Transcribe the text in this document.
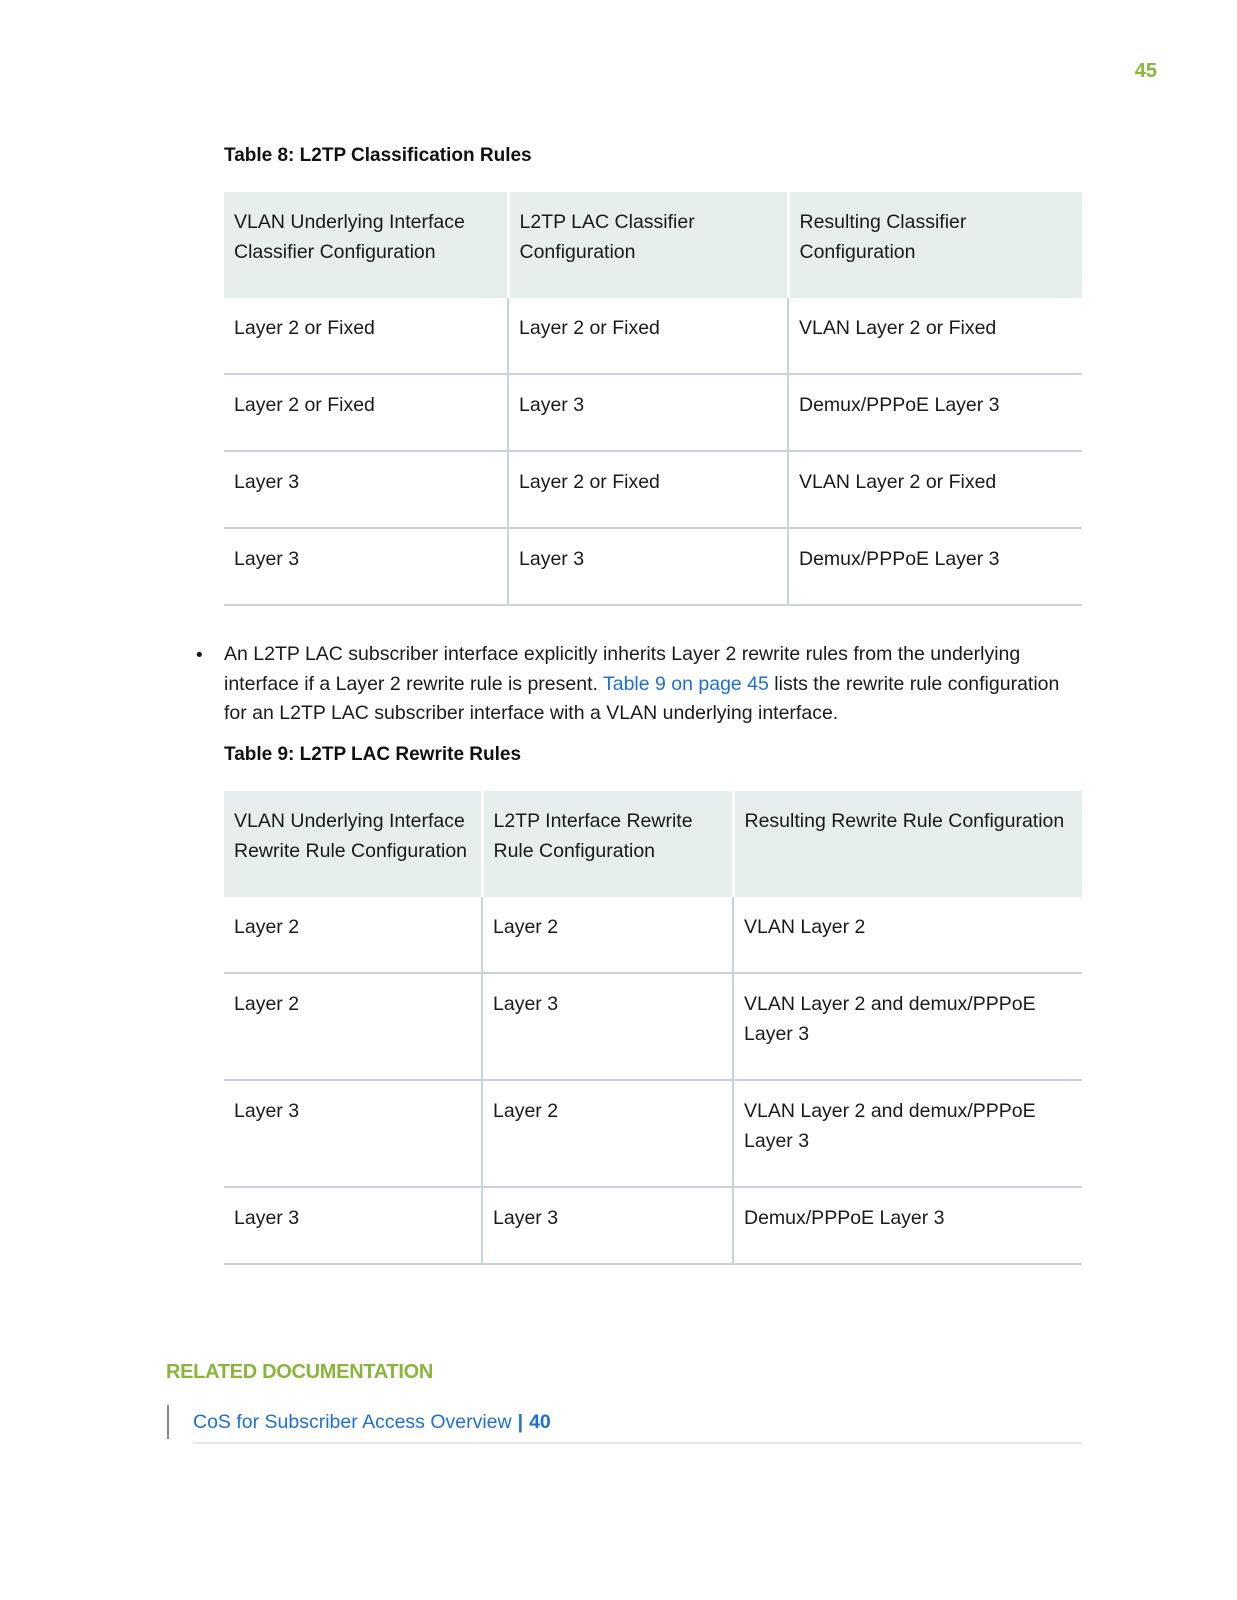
45
Table 8: L2TP Classification Rules
VLAN Underlying Interface Classifier Configuration	L2TP LAC Classifier Configuration	Resulting Classifier Configuration
Layer 2 or Fixed	Layer 2 or Fixed	VLAN Layer 2 or Fixed
Layer 2 or Fixed	Layer 3	Demux/PPPoE Layer 3
Layer 3	Layer 2 or Fixed	VLAN Layer 2 or Fixed
Layer 3	Layer 3	Demux/PPPoE Layer 3
• An L2TP LAC subscriber interface explicitly inherits Layer 2 rewrite rules from the underlying interface if a Layer 2 rewrite rule is present. Table 9 on page 45 lists the rewrite rule configuration for an L2TP LAC subscriber interface with a VLAN underlying interface.
Table 9: L2TP LAC Rewrite Rules
VLAN Underlying Interface Rewrite Rule Configuration	L2TP Interface Rewrite Rule Configuration	Resulting Rewrite Rule Configuration
Layer 2	Layer 2	VLAN Layer 2
Layer 2	Layer 3	VLAN Layer 2 and demux/PPPoE Layer 3
Layer 3	Layer 2	VLAN Layer 2 and demux/PPPoE Layer 3
Layer 3	Layer 3	Demux/PPPoE Layer 3
RELATED DOCUMENTATION
CoS for Subscriber Access Overview | 40
